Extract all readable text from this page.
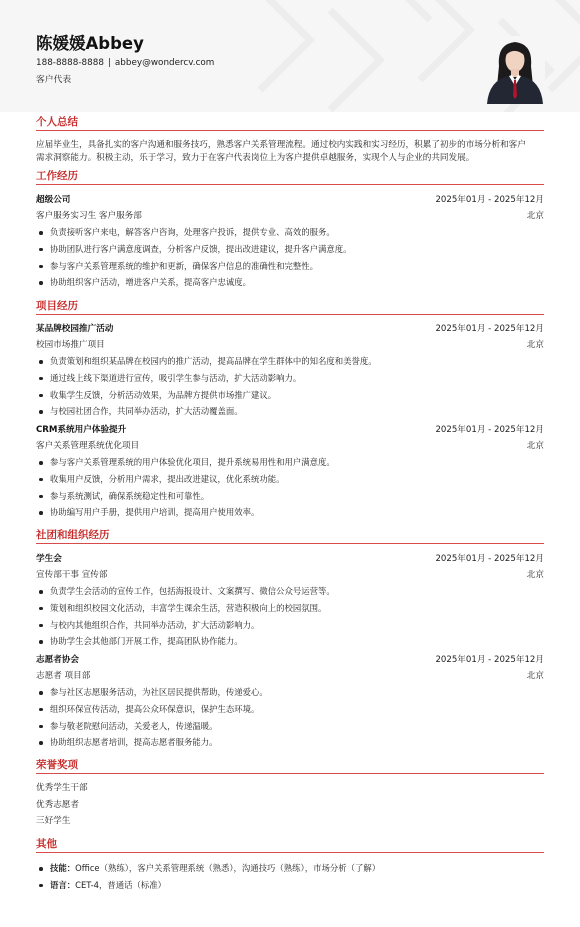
陈媛媛Abbey
188-8888-8888 | abbey@wondercv.com
客户代表
个人总结
应届毕业生，具备扎实的客户沟通和服务技巧，熟悉客户关系管理流程。通过校内实践和实习经历，积累了初步的市场分析和客户
需求洞察能力。积极主动，乐于学习，致力于在客户代表岗位上为客户提供卓越服务，实现个人与企业的共同发展。
工作经历
超级公司	2025年01月 - 2025年12月
客户服务实习生 客户服务部	北京
负责接听客户来电，解答客户咨询，处理客户投诉，提供专业、高效的服务。
协助团队进行客户满意度调查，分析客户反馈，提出改进建议，提升客户满意度。
参与客户关系管理系统的维护和更新，确保客户信息的准确性和完整性。
协助组织客户活动，增进客户关系，提高客户忠诚度。
项目经历
某品牌校园推广活动	2025年01月 - 2025年12月
校园市场推广项目	北京
负责策划和组织某品牌在校园内的推广活动，提高品牌在学生群体中的知名度和美誉度。
通过线上线下渠道进行宣传，吸引学生参与活动，扩大活动影响力。
收集学生反馈，分析活动效果，为品牌方提供市场推广建议。
与校园社团合作，共同举办活动，扩大活动覆盖面。
CRM系统用户体验提升	2025年01月 - 2025年12月
客户关系管理系统优化项目	北京
参与客户关系管理系统的用户体验优化项目，提升系统易用性和用户满意度。
收集用户反馈，分析用户需求，提出改进建议，优化系统功能。
参与系统测试，确保系统稳定性和可靠性。
协助编写用户手册，提供用户培训，提高用户使用效率。
社团和组织经历
学生会	2025年01月 - 2025年12月
宣传部干事 宣传部	北京
负责学生会活动的宣传工作，包括海报设计、文案撰写、微信公众号运营等。
策划和组织校园文化活动，丰富学生课余生活，营造积极向上的校园氛围。
与校内其他组织合作，共同举办活动，扩大活动影响力。
协助学生会其他部门开展工作，提高团队协作能力。
志愿者协会	2025年01月 - 2025年12月
志愿者 项目部	北京
参与社区志愿服务活动，为社区居民提供帮助，传递爱心。
组织环保宣传活动，提高公众环保意识，保护生态环境。
参与敬老院慰问活动，关爱老人，传递温暖。
协助组织志愿者培训，提高志愿者服务能力。
荣誉奖项
优秀学生干部
优秀志愿者
三好学生
其他
技能：Office（熟练），客户关系管理系统（熟悉），沟通技巧（熟练），市场分析（了解）
语言：CET-4，普通话（标准）
